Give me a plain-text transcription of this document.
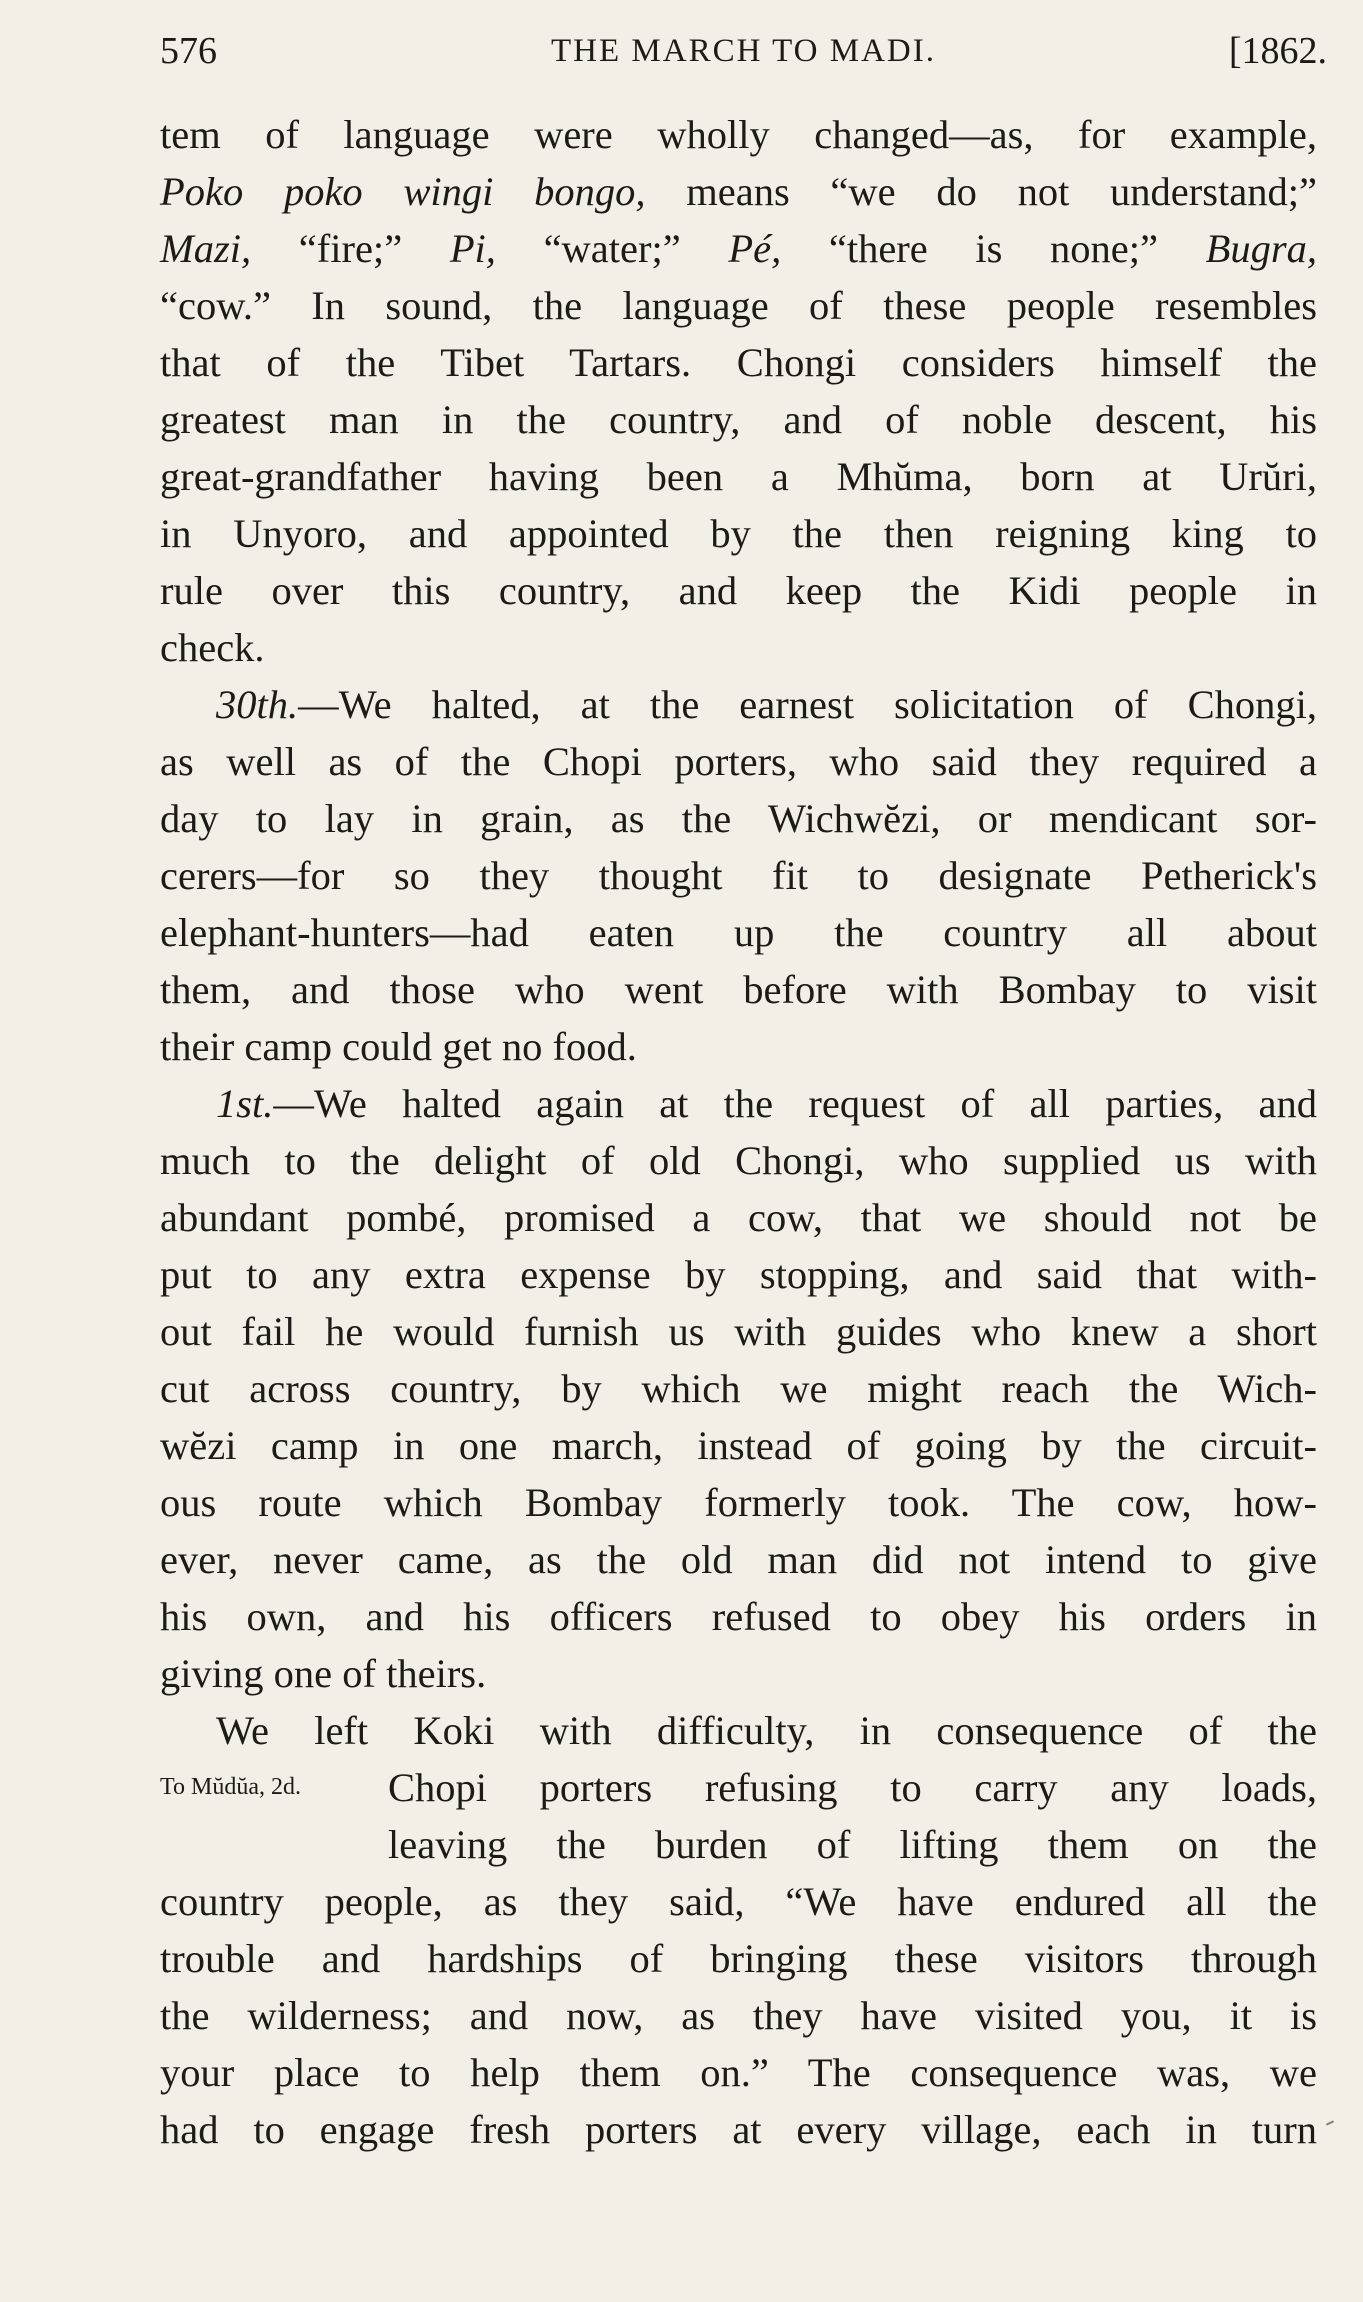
576	THE MARCH TO MADI.	[1862.
tem of language were wholly changed—as, for example,
Poko poko wingi bongo, means “we do not understand;”
Mazi, “fire;” Pi, “water;” Pé, “there is none;” Bugra,
“cow.” In sound, the language of these people resembles
that of the Tibet Tartars. Chongi considers himself the
greatest man in the country, and of noble descent, his
great-grandfather having been a Mhŭma, born at Urŭri,
in Unyoro, and appointed by the then reigning king to
rule over this country, and keep the Kidi people in
check.
30th.—We halted, at the earnest solicitation of Chongi,
as well as of the Chopi porters, who said they required a
day to lay in grain, as the Wichwĕzi, or mendicant sor-
cerers—for so they thought fit to designate Petherick's
elephant-hunters—had eaten up the country all about
them, and those who went before with Bombay to visit
their camp could get no food.
1st.—We halted again at the request of all parties, and
much to the delight of old Chongi, who supplied us with
abundant pombé, promised a cow, that we should not be
put to any extra expense by stopping, and said that with-
out fail he would furnish us with guides who knew a short
cut across country, by which we might reach the Wich-
wĕzi camp in one march, instead of going by the circuit-
ous route which Bombay formerly took. The cow, how-
ever, never came, as the old man did not intend to give
his own, and his officers refused to obey his orders in
giving one of theirs.
We left Koki with difficulty, in consequence of the
To Mŭdŭa, 2d.	Chopi porters refusing to carry any loads,
leaving the burden of lifting them on the
country people, as they said, “We have endured all the
trouble and hardships of bringing these visitors through
the wilderness; and now, as they have visited you, it is
your place to help them on.” The consequence was, we
had to engage fresh porters at every village, each in turn
